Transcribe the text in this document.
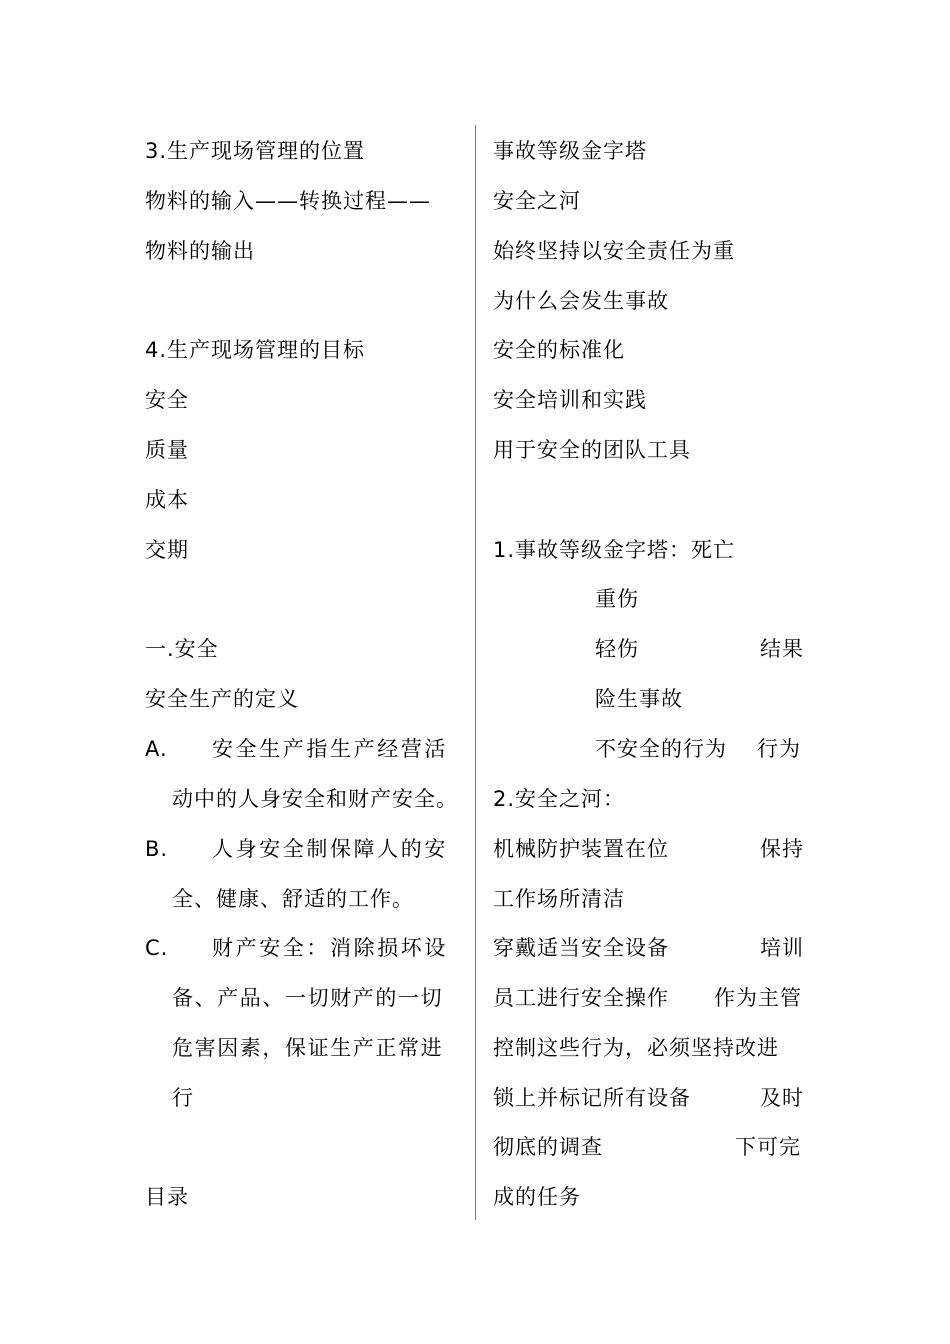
3.生产现场管理的位置
物料的输入——转换过程——
物料的输出
4.生产现场管理的目标
安全
质量
成本
交期
一.安全
安全生产的定义
A. 安全生产指生产经营活
动中的人身安全和财产安全。
B. 人身安全制保障人的安
全、健康、舒适的工作。
C. 财产安全：消除损坏设
备、产品、一切财产的一切
危害因素，保证生产正常进
行
目录
事故等级金字塔
安全之河
始终坚持以安全责任为重
为什么会发生事故
安全的标准化
安全培训和实践
用于安全的团队工具
1.事故等级金字塔：死亡
重伤
轻伤	结果
险生事故
不安全的行为 行为
2.安全之河：
机械防护装置在位	保持
工作场所清洁
穿戴适当安全设备	培训
员工进行安全操作 作为主管
控制这些行为，必须坚持改进
锁上并标记所有设备	及时
彻底的调查	下可完
成的任务
